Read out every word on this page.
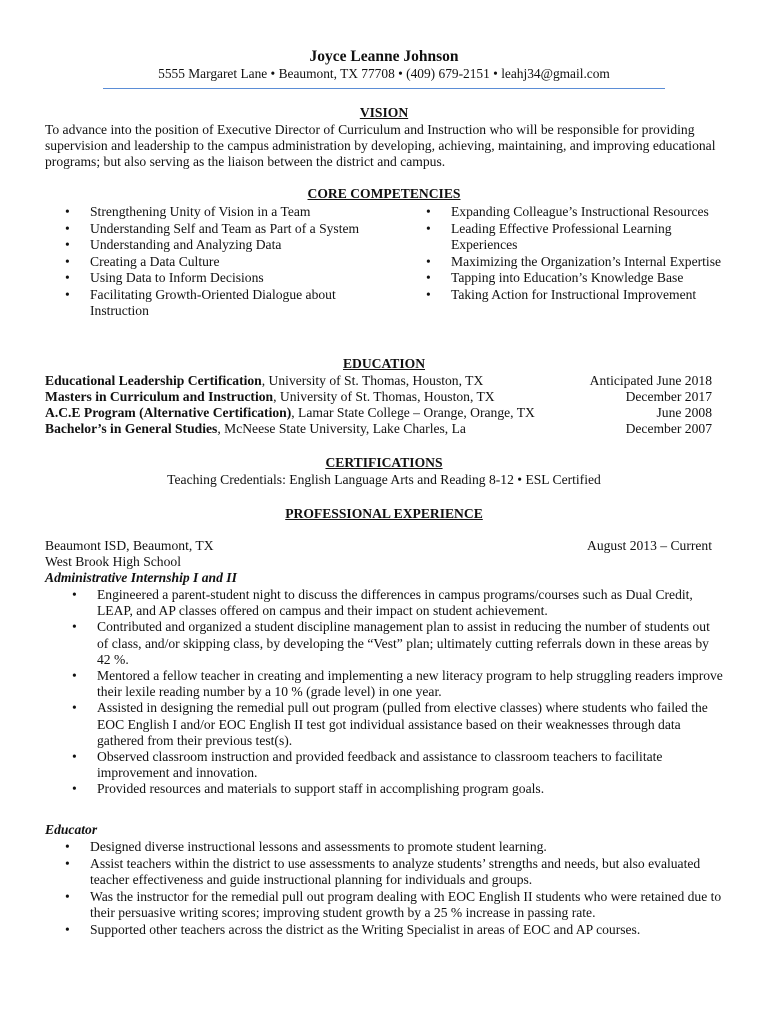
Joyce Leanne Johnson
5555 Margaret Lane • Beaumont, TX 77708 • (409) 679-2151 • leahj34@gmail.com
VISION
To advance into the position of Executive Director of Curriculum and Instruction who will be responsible for providing supervision and leadership to the campus administration by developing, achieving, maintaining, and improving educational programs; but also serving as the liaison between the district and campus.
CORE COMPETENCIES
• Strengthening Unity of Vision in a Team
• Understanding Self and Team as Part of a System
• Understanding and Analyzing Data
• Creating a Data Culture
• Using Data to Inform Decisions
• Facilitating Growth-Oriented Dialogue about Instruction
• Expanding Colleague’s Instructional Resources
• Leading Effective Professional Learning Experiences
• Maximizing the Organization’s Internal Expertise
• Tapping into Education’s Knowledge Base
• Taking Action for Instructional Improvement
EDUCATION
Educational Leadership Certification, University of St. Thomas, Houston, TX	Anticipated June 2018
Masters in Curriculum and Instruction, University of St. Thomas, Houston, TX	December 2017
A.C.E Program (Alternative Certification), Lamar State College – Orange, Orange, TX	June 2008
Bachelor’s in General Studies, McNeese State University, Lake Charles, La	December 2007
CERTIFICATIONS
Teaching Credentials: English Language Arts and Reading 8-12 • ESL Certified
PROFESSIONAL EXPERIENCE
Beaumont ISD, Beaumont, TX	August 2013 – Current
West Brook High School
Administrative Internship I and II
• Engineered a parent-student night to discuss the differences in campus programs/courses such as Dual Credit, LEAP, and AP classes offered on campus and their impact on student achievement.
• Contributed and organized a student discipline management plan to assist in reducing the number of students out of class, and/or skipping class, by developing the “Vest” plan; ultimately cutting referrals down in these areas by 42 %.
• Mentored a fellow teacher in creating and implementing a new literacy program to help struggling readers improve their lexile reading number by a 10 % (grade level) in one year.
• Assisted in designing the remedial pull out program (pulled from elective classes) where students who failed the EOC English I and/or EOC English II test got individual assistance based on their weaknesses through data gathered from their previous test(s).
• Observed classroom instruction and provided feedback and assistance to classroom teachers to facilitate improvement and innovation.
• Provided resources and materials to support staff in accomplishing program goals.
Educator
• Designed diverse instructional lessons and assessments to promote student learning.
• Assist teachers within the district to use assessments to analyze students’ strengths and needs, but also evaluated teacher effectiveness and guide instructional planning for individuals and groups.
• Was the instructor for the remedial pull out program dealing with EOC English II students who were retained due to their persuasive writing scores; improving student growth by a 25 % increase in passing rate.
• Supported other teachers across the district as the Writing Specialist in areas of EOC and AP courses.
